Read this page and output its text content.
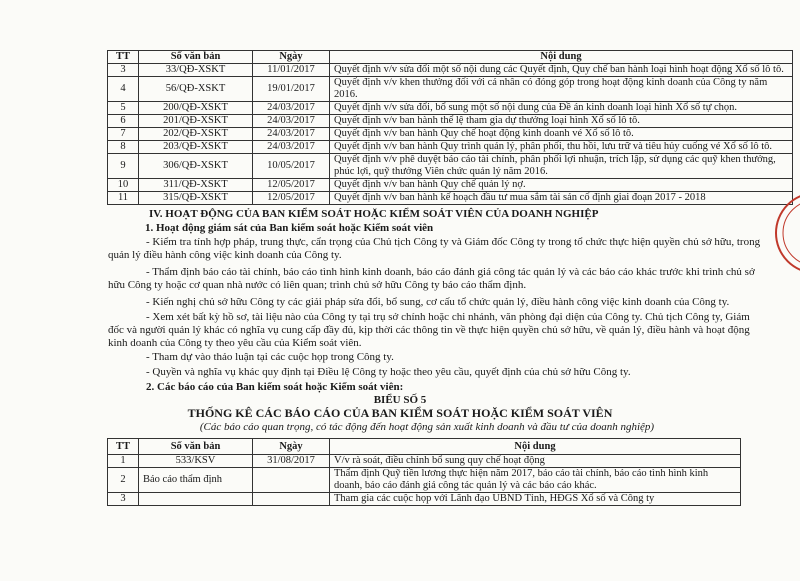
TT	Số văn bản	Ngày	Nội dung
3	33/QĐ-XSKT	11/01/2017	Quyết định v/v sửa đổi một số nội dung các Quyết định, Quy chế ban hành loại hình hoạt động Xổ số lô tô.
4	56/QĐ-XSKT	19/01/2017	Quyết định v/v khen thưởng đối với cá nhân có đóng góp trong hoạt động kinh doanh của Công ty năm 2016.
5	200/QĐ-XSKT	24/03/2017	Quyết định v/v sửa đổi, bổ sung một số nội dung của Đề án kinh doanh loại hình Xổ số tự chọn.
6	201/QĐ-XSKT	24/03/2017	Quyết định v/v ban hành thể lệ tham gia dự thưởng loại hình Xổ số lô tô.
7	202/QĐ-XSKT	24/03/2017	Quyết định v/v ban hành Quy chế hoạt động kinh doanh vé Xổ số lô tô.
8	203/QĐ-XSKT	24/03/2017	Quyết định v/v ban hành Quy trình quản lý, phân phối, thu hồi, lưu trữ và tiêu hủy cuống vé Xổ số lô tô.
9	306/QĐ-XSKT	10/05/2017	Quyết định v/v phê duyệt báo cáo tài chính, phân phối lợi nhuận, trích lập, sử dụng các quỹ khen thưởng, phúc lợi, quỹ thưởng Viên chức quản lý năm 2016.
10	311/QĐ-XSKT	12/05/2017	Quyết định v/v ban hành Quy chế quản lý nợ.
11	315/QĐ-XSKT	12/05/2017	Quyết định v/v ban hành kế hoạch đầu tư mua sắm tài sản cố định giai đoạn 2017 - 2018
IV. HOẠT ĐỘNG CỦA BAN KIỂM SOÁT HOẶC KIỂM SOÁT VIÊN CỦA DOANH NGHIỆP
1. Hoạt động giám sát của Ban kiểm soát hoặc Kiểm soát viên
- Kiểm tra tính hợp pháp, trung thực, cẩn trọng của Chủ tịch Công ty và Giám đốc Công ty trong tổ chức thực hiện quyền chủ sở hữu, trong quản lý điều hành công việc kinh doanh của Công ty.
- Thẩm định báo cáo tài chính, báo cáo tình hình kinh doanh, báo cáo đánh giá công tác quản lý và các báo cáo khác trước khi trình chủ sở hữu Công ty hoặc cơ quan nhà nước có liên quan; trình chủ sở hữu Công ty báo cáo thẩm định.
- Kiến nghị chủ sở hữu Công ty các giải pháp sửa đổi, bổ sung, cơ cấu tổ chức quản lý, điều hành công việc kinh doanh của Công ty.
- Xem xét bất kỳ hồ sơ, tài liệu nào của Công ty tại trụ sở chính hoặc chi nhánh, văn phòng đại diện của Công ty. Chủ tịch Công ty, Giám đốc và người quản lý khác có nghĩa vụ cung cấp đầy đủ, kịp thời các thông tin về thực hiện quyền chủ sở hữu, về quản lý, điều hành và hoạt động kinh doanh của Công ty theo yêu cầu của Kiểm soát viên.
- Tham dự vào thảo luận tại các cuộc họp trong Công ty.
- Quyền và nghĩa vụ khác quy định tại Điều lệ Công ty hoặc theo yêu cầu, quyết định của chủ sở hữu Công ty.
2. Các báo cáo của Ban kiểm soát hoặc Kiểm soát viên:
BIỂU SỐ 5
THỐNG KÊ CÁC BÁO CÁO CỦA BAN KIỂM SOÁT HOẶC KIỂM SOÁT VIÊN
(Các báo cáo quan trọng, có tác động đến hoạt động sản xuất kinh doanh và đầu tư của doanh nghiệp)
TT	Số văn bản	Ngày	Nội dung
1	533/KSV	31/08/2017	V/v rà soát, điều chỉnh bổ sung quy chế hoạt động
2	Báo cáo thẩm định		Thẩm định Quỹ tiền lương thực hiện năm 2017, báo cáo tài chính, báo cáo tình hình kinh doanh, báo cáo đánh giá công tác quản lý và các báo cáo khác.
3			Tham gia các cuộc họp với Lãnh đạo UBND Tỉnh, HĐGS Xổ số và Công ty
